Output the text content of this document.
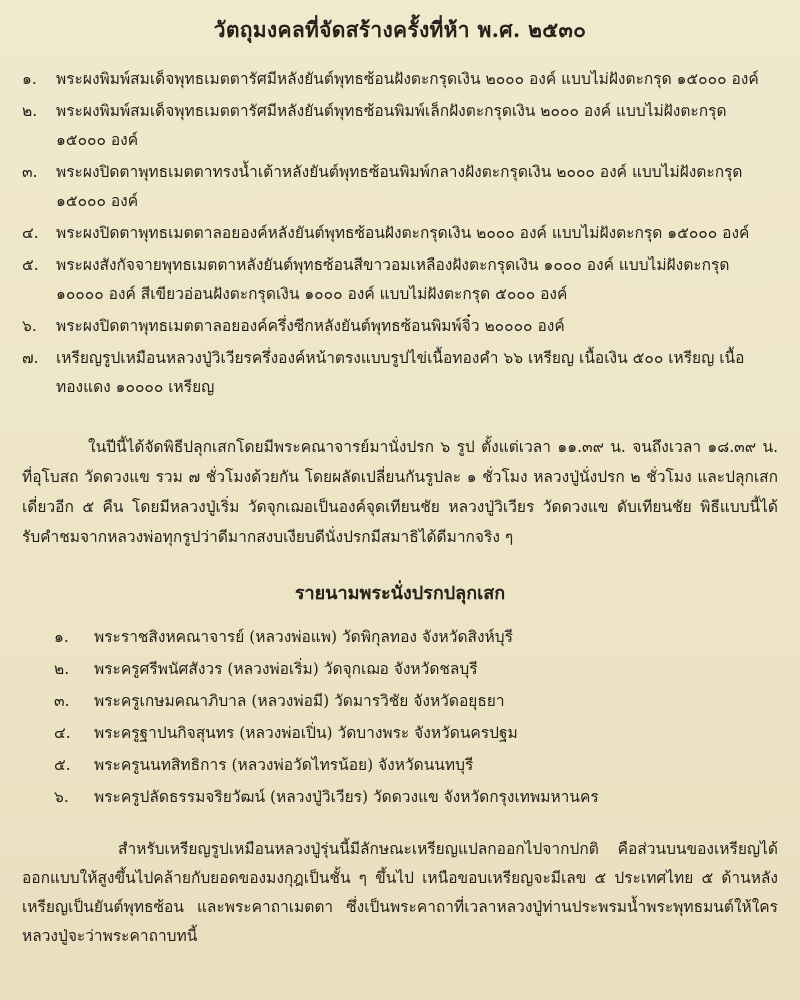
วัตถุมงคลที่จัดสร้างครั้งที่ห้า พ.ศ. ๒๕๓๐
๑.	พระผงพิมพ์สมเด็จพุทธเมตตารัศมีหลังยันต์พุทธซ้อนฝังตะกรุดเงิน ๒๐๐๐ องค์ แบบไม่ฝังตะกรุด ๑๕๐๐๐ องค์
๒.	พระผงพิมพ์สมเด็จพุทธเมตตารัศมีหลังยันต์พุทธซ้อนพิมพ์เล็กฝังตะกรุดเงิน ๒๐๐๐ องค์ แบบไม่ฝังตะกรุด ๑๕๐๐๐ องค์
๓.	พระผงปิดตาพุทธเมตตาทรงน้ำเต้าหลังยันต์พุทธซ้อนพิมพ์กลางฝังตะกรุดเงิน ๒๐๐๐ องค์ แบบไม่ฝังตะกรุด ๑๕๐๐๐ องค์
๔.	พระผงปิดตาพุทธเมตตาลอยองค์หลังยันต์พุทธซ้อนฝังตะกรุดเงิน ๒๐๐๐ องค์ แบบไม่ฝังตะกรุด ๑๕๐๐๐ องค์
๕.	พระผงสังกัจจายพุทธเมตตาหลังยันต์พุทธซ้อนสีขาวอมเหลืองฝังตะกรุดเงิน ๑๐๐๐ องค์ แบบไม่ฝังตะกรุด ๑๐๐๐๐ องค์ สีเขียวอ่อนฝังตะกรุดเงิน ๑๐๐๐ องค์ แบบไม่ฝังตะกรุด ๕๐๐๐ องค์
๖.	พระผงปิดตาพุทธเมตตาลอยองค์ครึ่งซีกหลังยันต์พุทธซ้อนพิมพ์จิ๋ว ๒๐๐๐๐ องค์
๗.	เหรียญรูปเหมือนหลวงปู่วิเวียรครึ่งองค์หน้าตรงแบบรูปไข่เนื้อทองคำ ๖๖ เหรียญ เนื้อเงิน ๕๐๐ เหรียญ เนื้อทองแดง ๑๐๐๐๐ เหรียญ

ในปีนี้ได้จัดพิธีปลุกเสกโดยมีพระคณาจารย์มานั่งปรก ๖ รูป ตั้งแต่เวลา ๑๑.๓๙ น. จนถึงเวลา ๑๘.๓๙ น. ที่อุโบสถ วัดดวงแข รวม ๗ ชั่วโมงด้วยกัน โดยผลัดเปลี่ยนกันรูปละ ๑ ชั่วโมง หลวงปู่นั่งปรก ๒ ชั่วโมง และปลุกเสกเดี่ยวอีก ๕ คืน โดยมีหลวงปู่เริ่ม วัดจุกเฌอเป็นองค์จุดเทียนชัย หลวงปู่วิเวียร วัดดวงแข ดับเทียนชัย พิธีแบบนี้ได้รับคำชมจากหลวงพ่อทุกรูปว่าดีมากสงบเงียบดีนั่งปรกมีสมาธิได้ดีมากจริง ๆ

รายนามพระนั่งปรกปลุกเสก
๑.	พระราชสิงหคณาจารย์ (หลวงพ่อแพ) วัดพิกุลทอง จังหวัดสิงห์บุรี
๒.	พระครูศรีพนัศสังวร (หลวงพ่อเริ่ม) วัดจุกเฌอ จังหวัดชลบุรี
๓.	พระครูเกษมคณาภิบาล (หลวงพ่อมี) วัดมารวิชัย จังหวัดอยุธยา
๔.	พระครูฐาปนกิจสุนทร (หลวงพ่อเปิ่น) วัดบางพระ จังหวัดนครปฐม
๕.	พระครูนนทสิทธิการ (หลวงพ่อวัดไทรน้อย) จังหวัดนนทบุรี
๖.	พระครูปลัดธรรมจริยวัฒน์ (หลวงปู่วิเวียร) วัดดวงแข จังหวัดกรุงเทพมหานคร

สำหรับเหรียญรูปเหมือนหลวงปู่รุ่นนี้มีลักษณะเหรียญแปลกออกไปจากปกติ คือส่วนบนของเหรียญได้ออกแบบให้สูงขึ้นไปคล้ายกับยอดของมงกุฎเป็นชั้น ๆ ขึ้นไป เหนือขอบเหรียญจะมีเลข ๕ ประเทศไทย ๕ ด้านหลังเหรียญเป็นยันต์พุทธซ้อน และพระคาถาเมตตา ซึ่งเป็นพระคาถาที่เวลาหลวงปู่ท่านประพรมน้ำพระพุทธมนต์ให้ใครหลวงปู่จะว่าพระคาถาบทนี้
